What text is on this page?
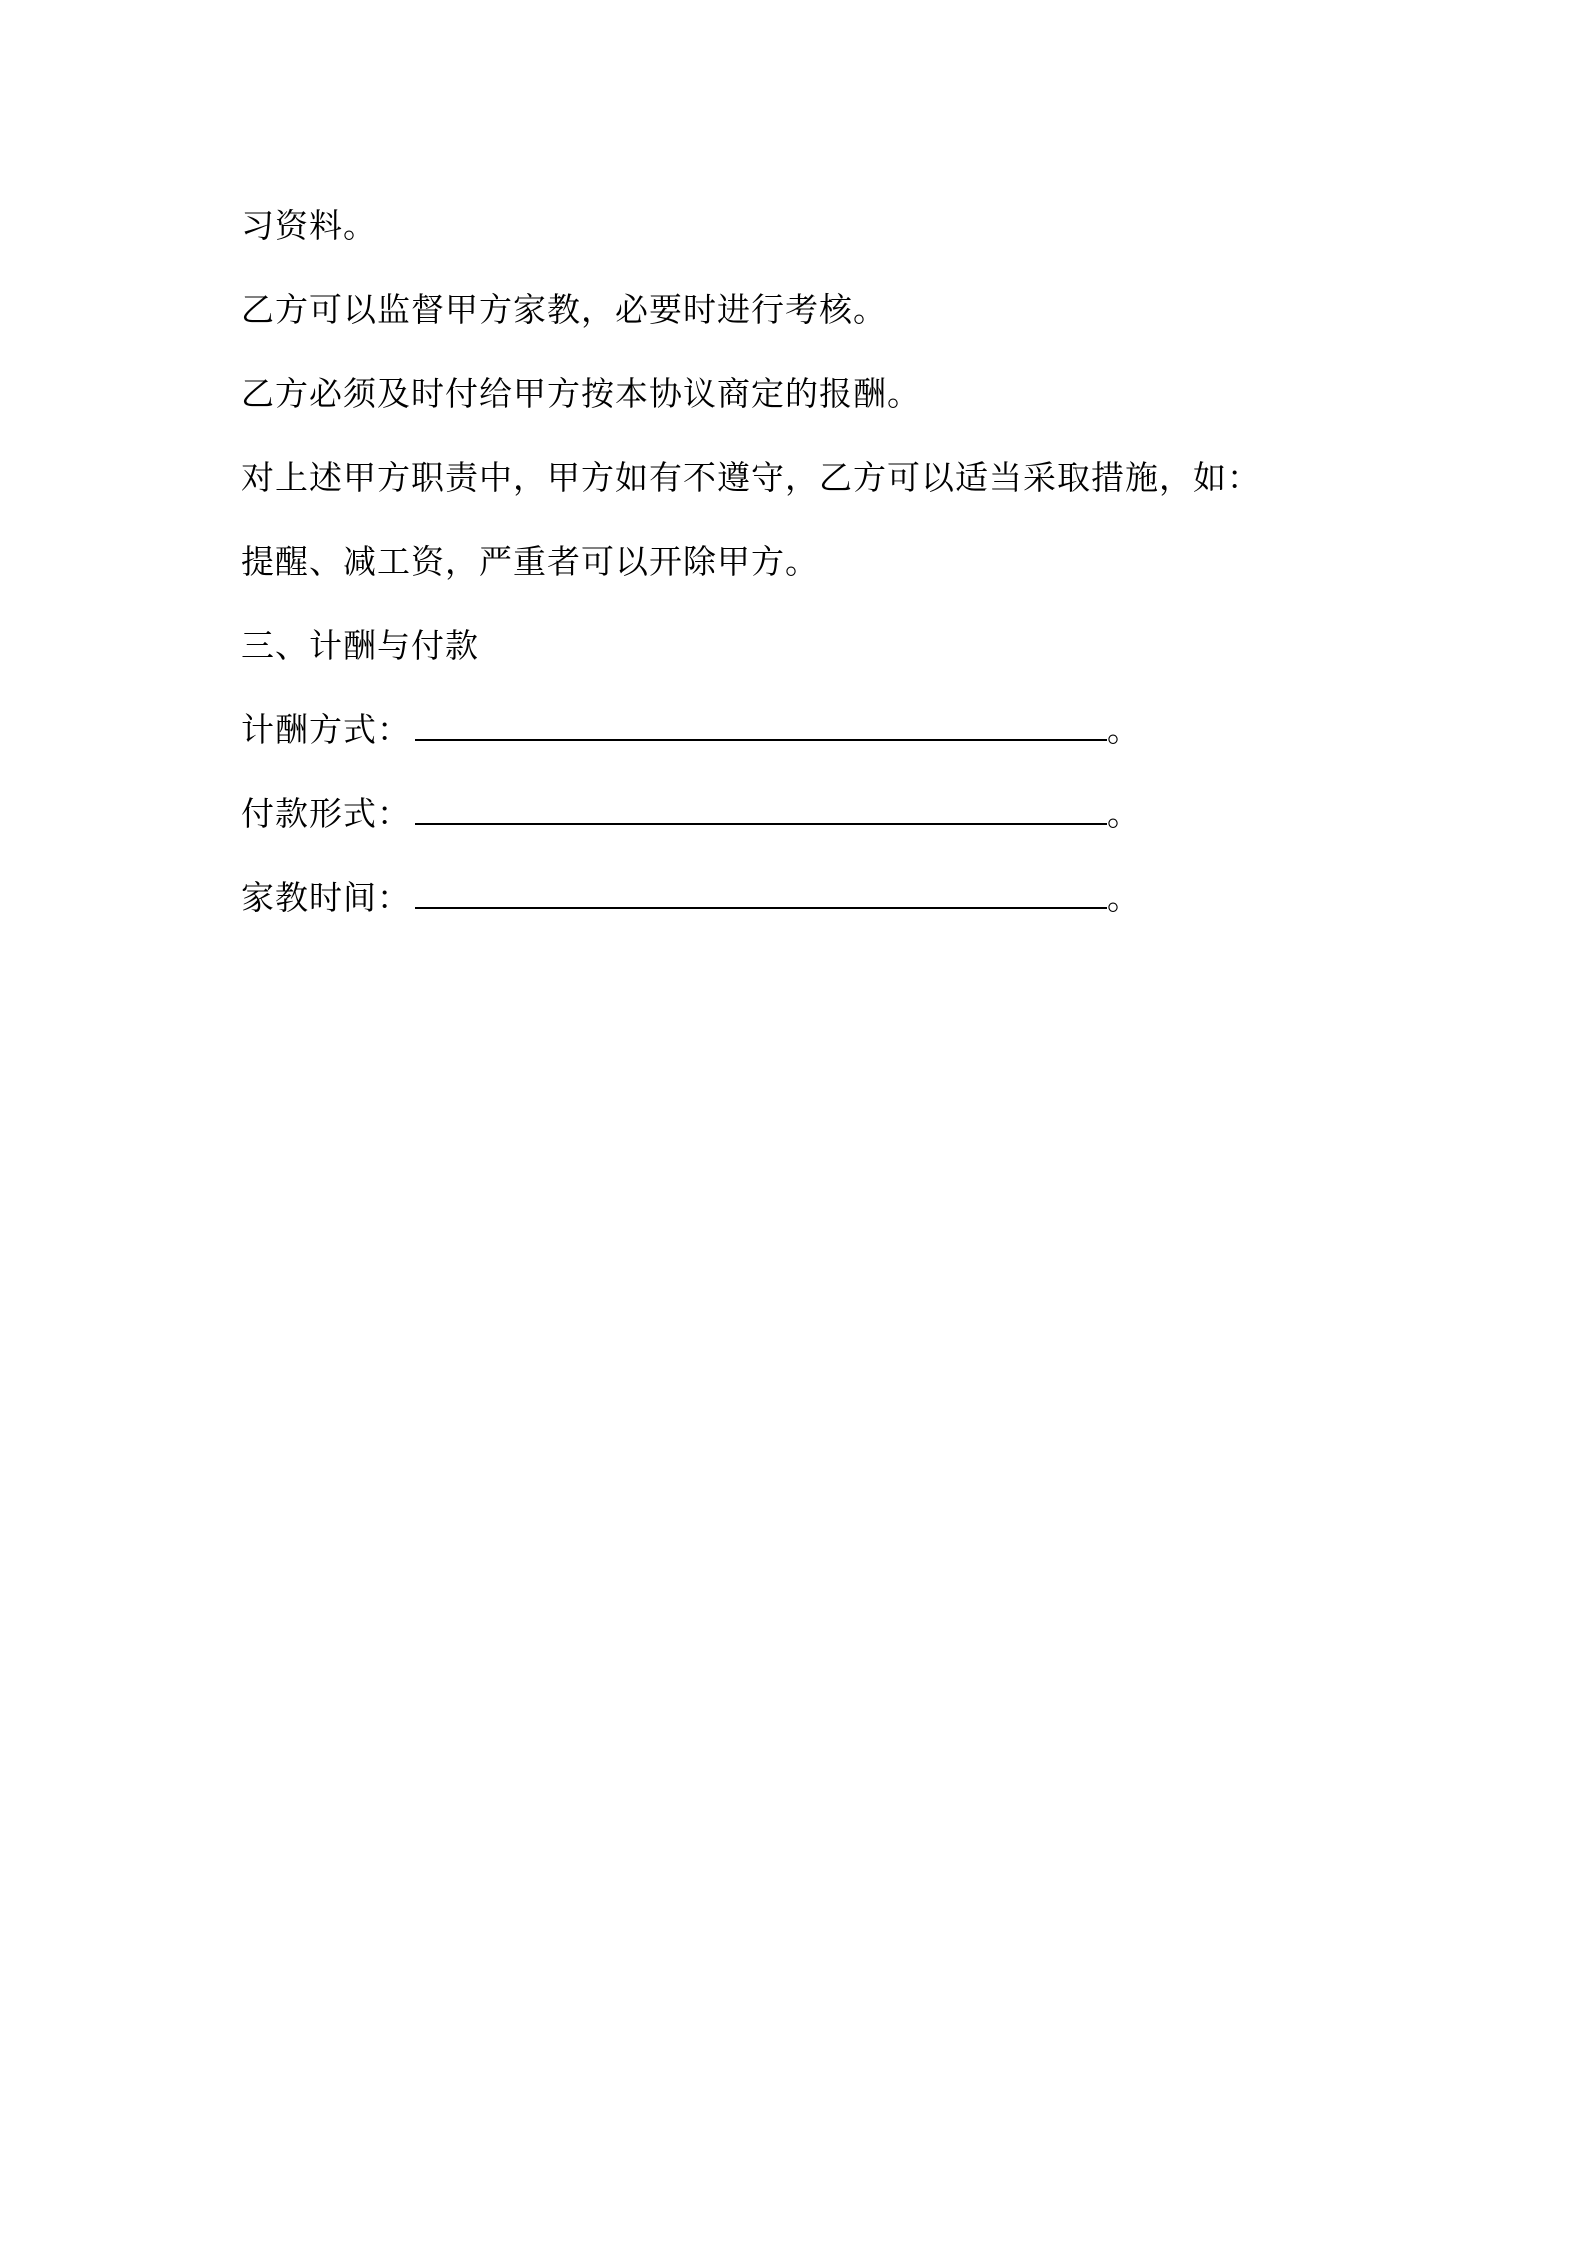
习资料。
乙方可以监督甲方家教，必要时进行考核。
乙方必须及时付给甲方按本协议商定的报酬。
对上述甲方职责中，甲方如有不遵守，乙方可以适当采取措施，如：
提醒、减工资，严重者可以开除甲方。
三、计酬与付款
计酬方式：	。
付款形式：	。
家教时间：	。
